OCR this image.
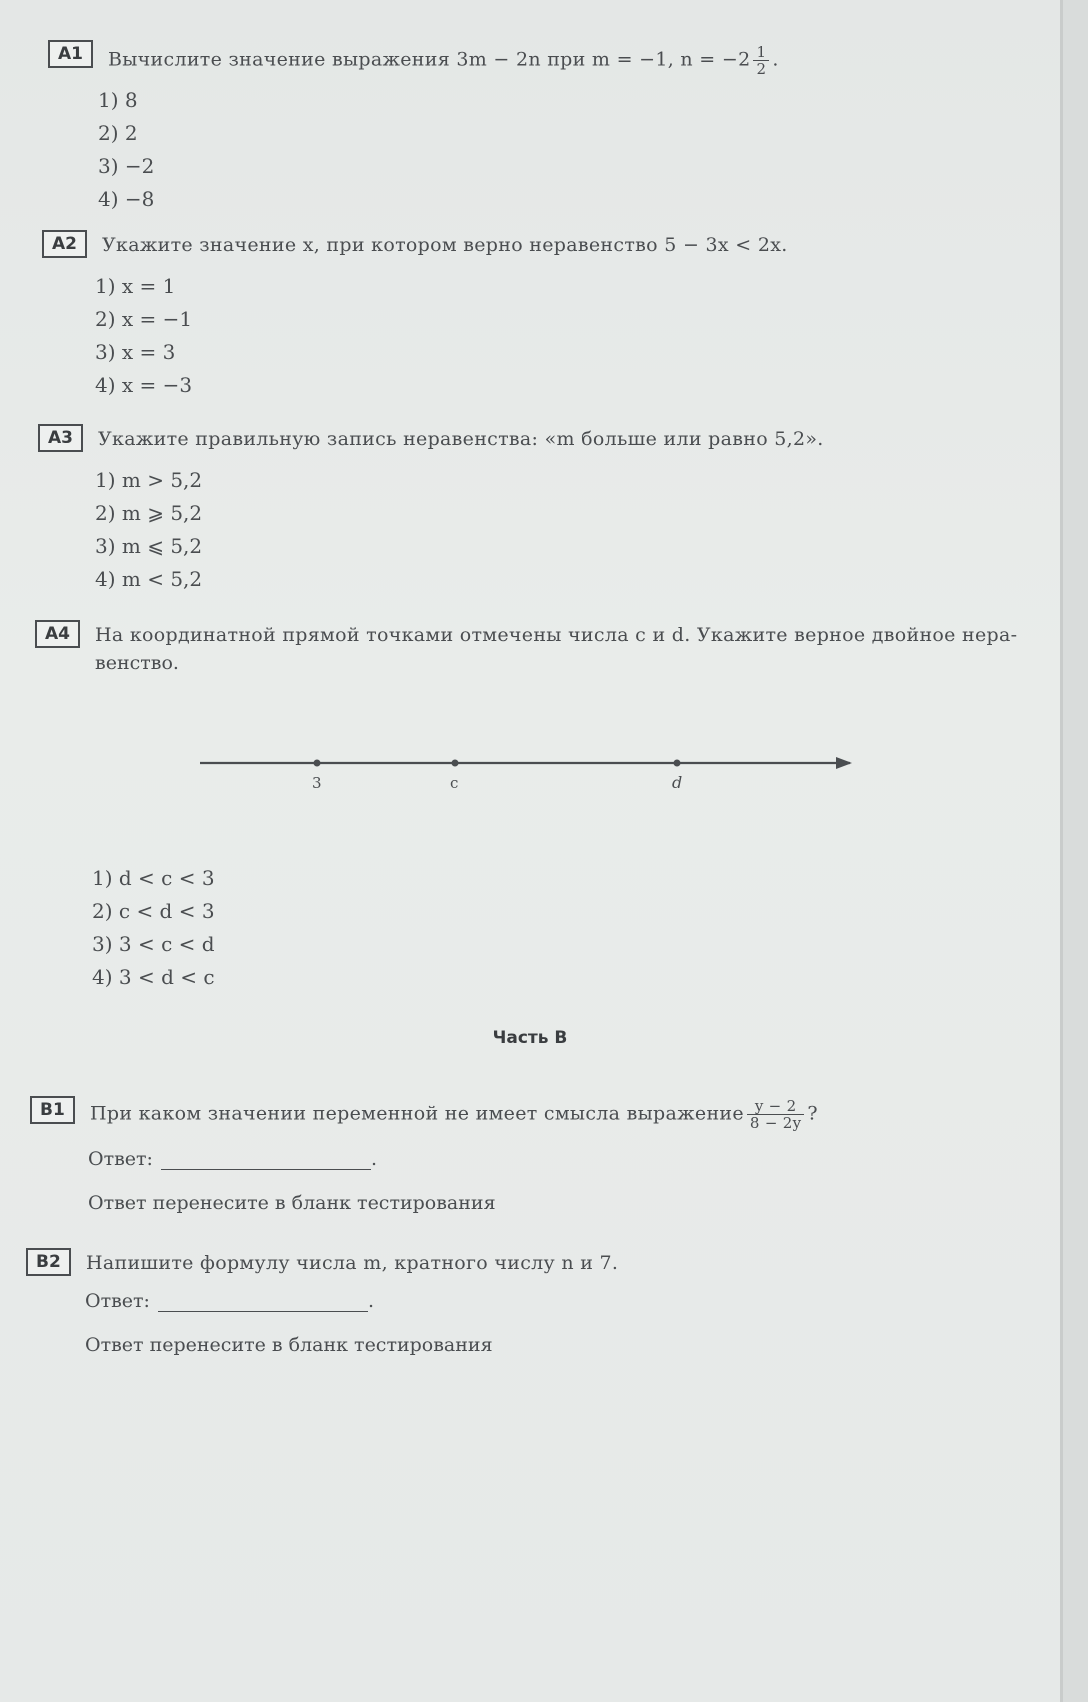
A1 Вычислите значение выражения 3m − 2n при m = −1, $n = -2 \frac{1}{2}$ .
1) 8
2) 2
3) −2
4) −8
A2 Укажите значение x, при котором верно неравенство 5 − 3x < 2x.
1) x = 1
2) x = −1
3) x = 3
4) x = −3
A3 Укажите правильную запись неравенства: «m больше или равно 5,2».
1) m > 5,2
2) m ⩾ 5,2
3) m ⩽ 5,2
4) m < 5,2
A4 На координатной прямой точками отмечены числа c и d. Укажите верное двойное нера-
венство.
3	c	d
1) d < c < 3
2) c < d < 3
3) 3 < c < d
4) 3 < d < c
Часть B
B1 При каком значении переменной не имеет смысла выражение $\frac{y - 2}{8 - 2y}$ ?
Ответ:	.
Ответ перенесите в бланк тестирования
B2 Напишите формулу числа m, кратного числу n и 7.
Ответ:	.
Ответ перенесите в бланк тестирования
